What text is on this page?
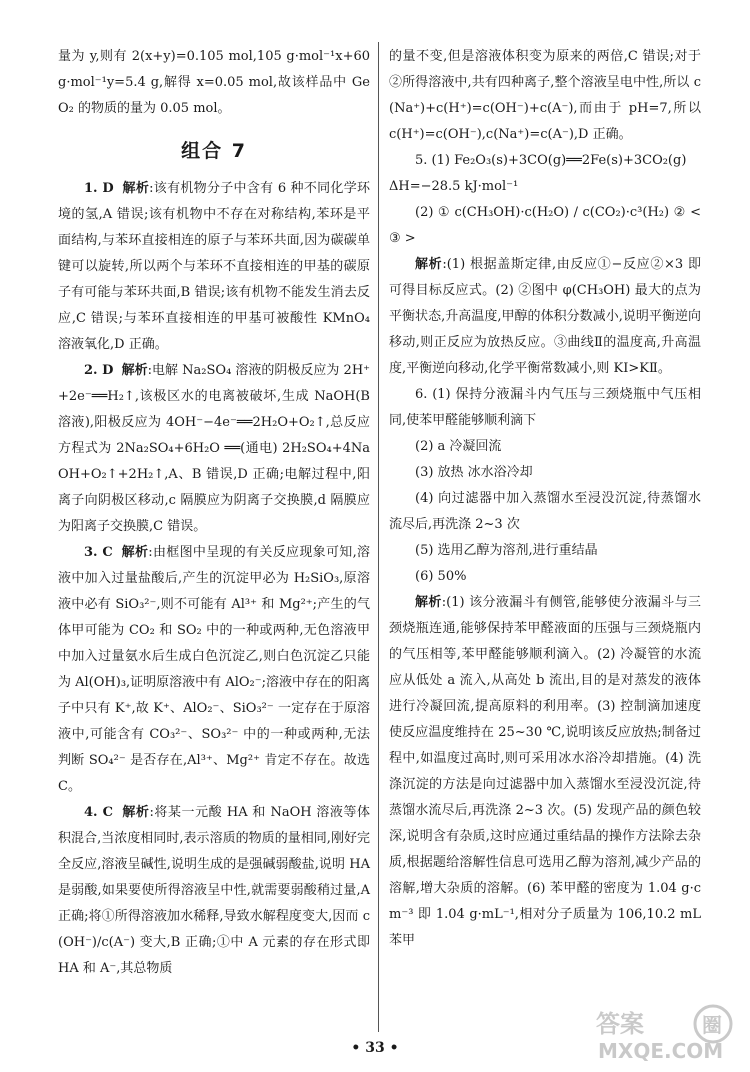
量为 y,则有 2(x+y)=0.105 mol,105 g·mol⁻¹x+60 g·mol⁻¹y=5.4 g,解得 x=0.05 mol,故该样品中 GeO₂ 的物质的量为 0.05 mol。

组合 7

1. D 解析:该有机物分子中含有 6 种不同化学环境的氢,A 错误;该有机物中不存在对称结构,苯环是平面结构,与苯环直接相连的原子与苯环共面,因为碳碳单键可以旋转,所以两个与苯环不直接相连的甲基的碳原子有可能与苯环共面,B 错误;该有机物不能发生消去反应,C 错误;与苯环直接相连的甲基可被酸性 KMnO₄ 溶液氧化,D 正确。

2. D 解析:电解 Na₂SO₄ 溶液的阴极反应为 2H⁺+2e⁻══H₂↑,该极区水的电离被破坏,生成 NaOH(B 溶液),阳极反应为 4OH⁻−4e⁻══2H₂O+O₂↑,总反应方程式为 2Na₂SO₄+6H₂O ══(通电) 2H₂SO₄+4NaOH+O₂↑+2H₂↑,A、B 错误,D 正确;电解过程中,阳离子向阴极区移动,c 隔膜应为阴离子交换膜,d 隔膜应为阳离子交换膜,C 错误。

3. C 解析:由框图中呈现的有关反应现象可知,溶液中加入过量盐酸后,产生的沉淀甲必为 H₂SiO₃,原溶液中必有 SiO₃²⁻,则不可能有 Al³⁺ 和 Mg²⁺;产生的气体甲可能为 CO₂ 和 SO₂ 中的一种或两种,无色溶液甲中加入过量氨水后生成白色沉淀乙,则白色沉淀乙只能为 Al(OH)₃,证明原溶液中有 AlO₂⁻;溶液中存在的阳离子中只有 K⁺,故 K⁺、AlO₂⁻、SiO₃²⁻ 一定存在于原溶液中,可能含有 CO₃²⁻、SO₃²⁻ 中的一种或两种,无法判断 SO₄²⁻ 是否存在,Al³⁺、Mg²⁺ 肯定不存在。故选 C。

4. C 解析:将某一元酸 HA 和 NaOH 溶液等体积混合,当浓度相同时,表示溶质的物质的量相同,刚好完全反应,溶液呈碱性,说明生成的是强碱弱酸盐,说明 HA 是弱酸,如果要使所得溶液呈中性,就需要弱酸稍过量,A 正确;将①所得溶液加水稀释,导致水解程度变大,因而 c(OH⁻)/c(A⁻) 变大,B 正确;①中 A 元素的存在形式即 HA 和 A⁻,其总物质

的量不变,但是溶液体积变为原来的两倍,C 错误;对于②所得溶液中,共有四种离子,整个溶液呈电中性,所以 c(Na⁺)+c(H⁺)=c(OH⁻)+c(A⁻),而由于 pH=7,所以 c(H⁺)=c(OH⁻),c(Na⁺)=c(A⁻),D 正确。

5. (1) Fe₂O₃(s)+3CO(g)══2Fe(s)+3CO₂(g)

ΔH=−28.5 kJ·mol⁻¹

(2) ① c(CH₃OH)·c(H₂O) / c(CO₂)·c³(H₂) ② < ③ >

解析:(1) 根据盖斯定律,由反应①−反应②×3 即可得目标反应式。(2) ②图中 φ(CH₃OH) 最大的点为平衡状态,升高温度,甲醇的体积分数减小,说明平衡逆向移动,则正反应为放热反应。③曲线Ⅱ的温度高,升高温度,平衡逆向移动,化学平衡常数减小,则 KⅠ>KⅡ。

6. (1) 保持分液漏斗内气压与三颈烧瓶中气压相同,使苯甲醛能够顺利滴下

(2) a 冷凝回流

(3) 放热 冰水浴冷却

(4) 向过滤器中加入蒸馏水至浸没沉淀,待蒸馏水流尽后,再洗涤 2~3 次

(5) 选用乙醇为溶剂,进行重结晶

(6) 50%

解析:(1) 该分液漏斗有侧管,能够使分液漏斗与三颈烧瓶连通,能够保持苯甲醛液面的压强与三颈烧瓶内的气压相等,苯甲醛能够顺利滴入。(2) 冷凝管的水流应从低处 a 流入,从高处 b 流出,目的是对蒸发的液体进行冷凝回流,提高原料的利用率。(3) 控制滴加速度使反应温度维持在 25~30 ℃,说明该反应放热;制备过程中,如温度过高时,则可采用冰水浴冷却措施。(4) 洗涤沉淀的方法是向过滤器中加入蒸馏水至浸没沉淀,待蒸馏水流尽后,再洗涤 2~3 次。(5) 发现产品的颜色较深,说明含有杂质,这时应通过重结晶的操作方法除去杂质,根据题给溶解性信息可选用乙醇为溶剂,减少产品的溶解,增大杂质的溶解。(6) 苯甲醛的密度为 1.04 g·cm⁻³ 即 1.04 g·mL⁻¹,相对分子质量为 106,10.2 mL 苯甲

• 33 •
答案	圈
MXQE.COM
